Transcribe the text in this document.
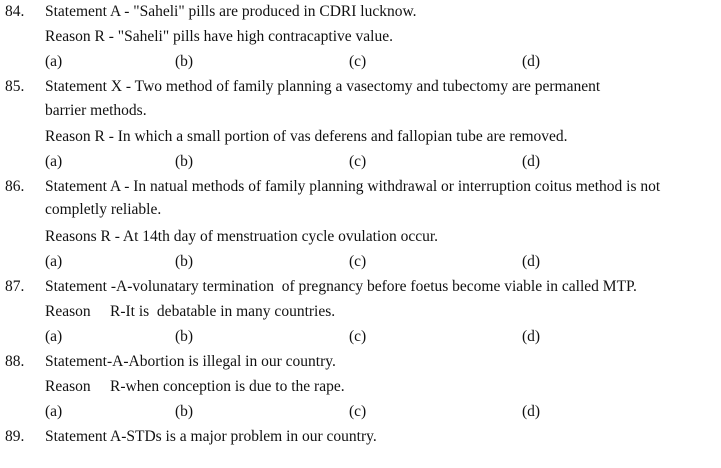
84. Statement A - "Saheli" pills are produced in CDRI lucknow.
Reason R - "Saheli" pills have high contracaptive value.
(a)	(b)	(c)	(d)
85. Statement X - Two method of family planning a vasectomy and tubectomy are permanent
barrier methods.
Reason R - In which a small portion of vas deferens and fallopian tube are removed.
(a)	(b)	(c)	(d)
86. Statement A - In natual methods of family planning withdrawal or interruption coitus method is not
completly reliable.
Reasons R - At 14th day of menstruation cycle ovulation occur.
(a)	(b)	(c)	(d)
87. Statement -A-volunatary termination  of pregnancy before foetus become viable in called MTP.
Reason     R-It is  debatable in many countries.
(a)	(b)	(c)	(d)
88. Statement-A-Abortion is illegal in our country.
Reason     R-when conception is due to the rape.
(a)	(b)	(c)	(d)
89. Statement A-STDs is a major problem in our country.
